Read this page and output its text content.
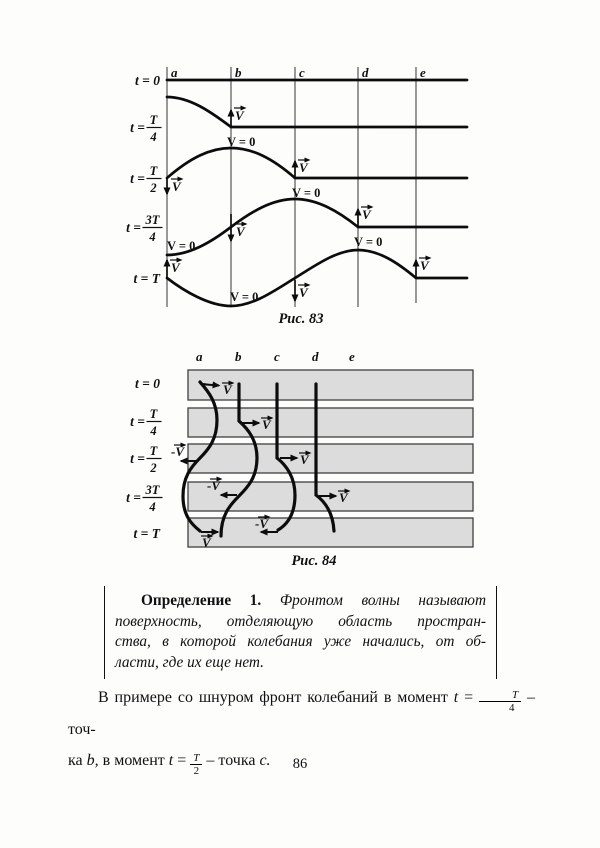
a	b	c	d	e
t = 0
t = T
4
t = T
2
t = 3T
4
t = T
V
V
V
V
V
V
V
V
V = 0
V = 0
V = 0	V = 0
V = 0
Рис. 83
a	b	c d e
t = 0
t = T
4
t = T
2
t = 3T
4
t = T
V
V
-V
V
-V
V
V
-V
Рис. 84
Определение 1. Фронтом волны называют
поверхность, отделяющую область простран-
ства, в которой колебания уже начались, от об-
ласти, где их еще нет.
В примере со шнуром фронт колебаний в момент $t = \frac{T}{4} - точ-$
ка b, в момент $t = \frac{T}{2}$ – точка c.	86
